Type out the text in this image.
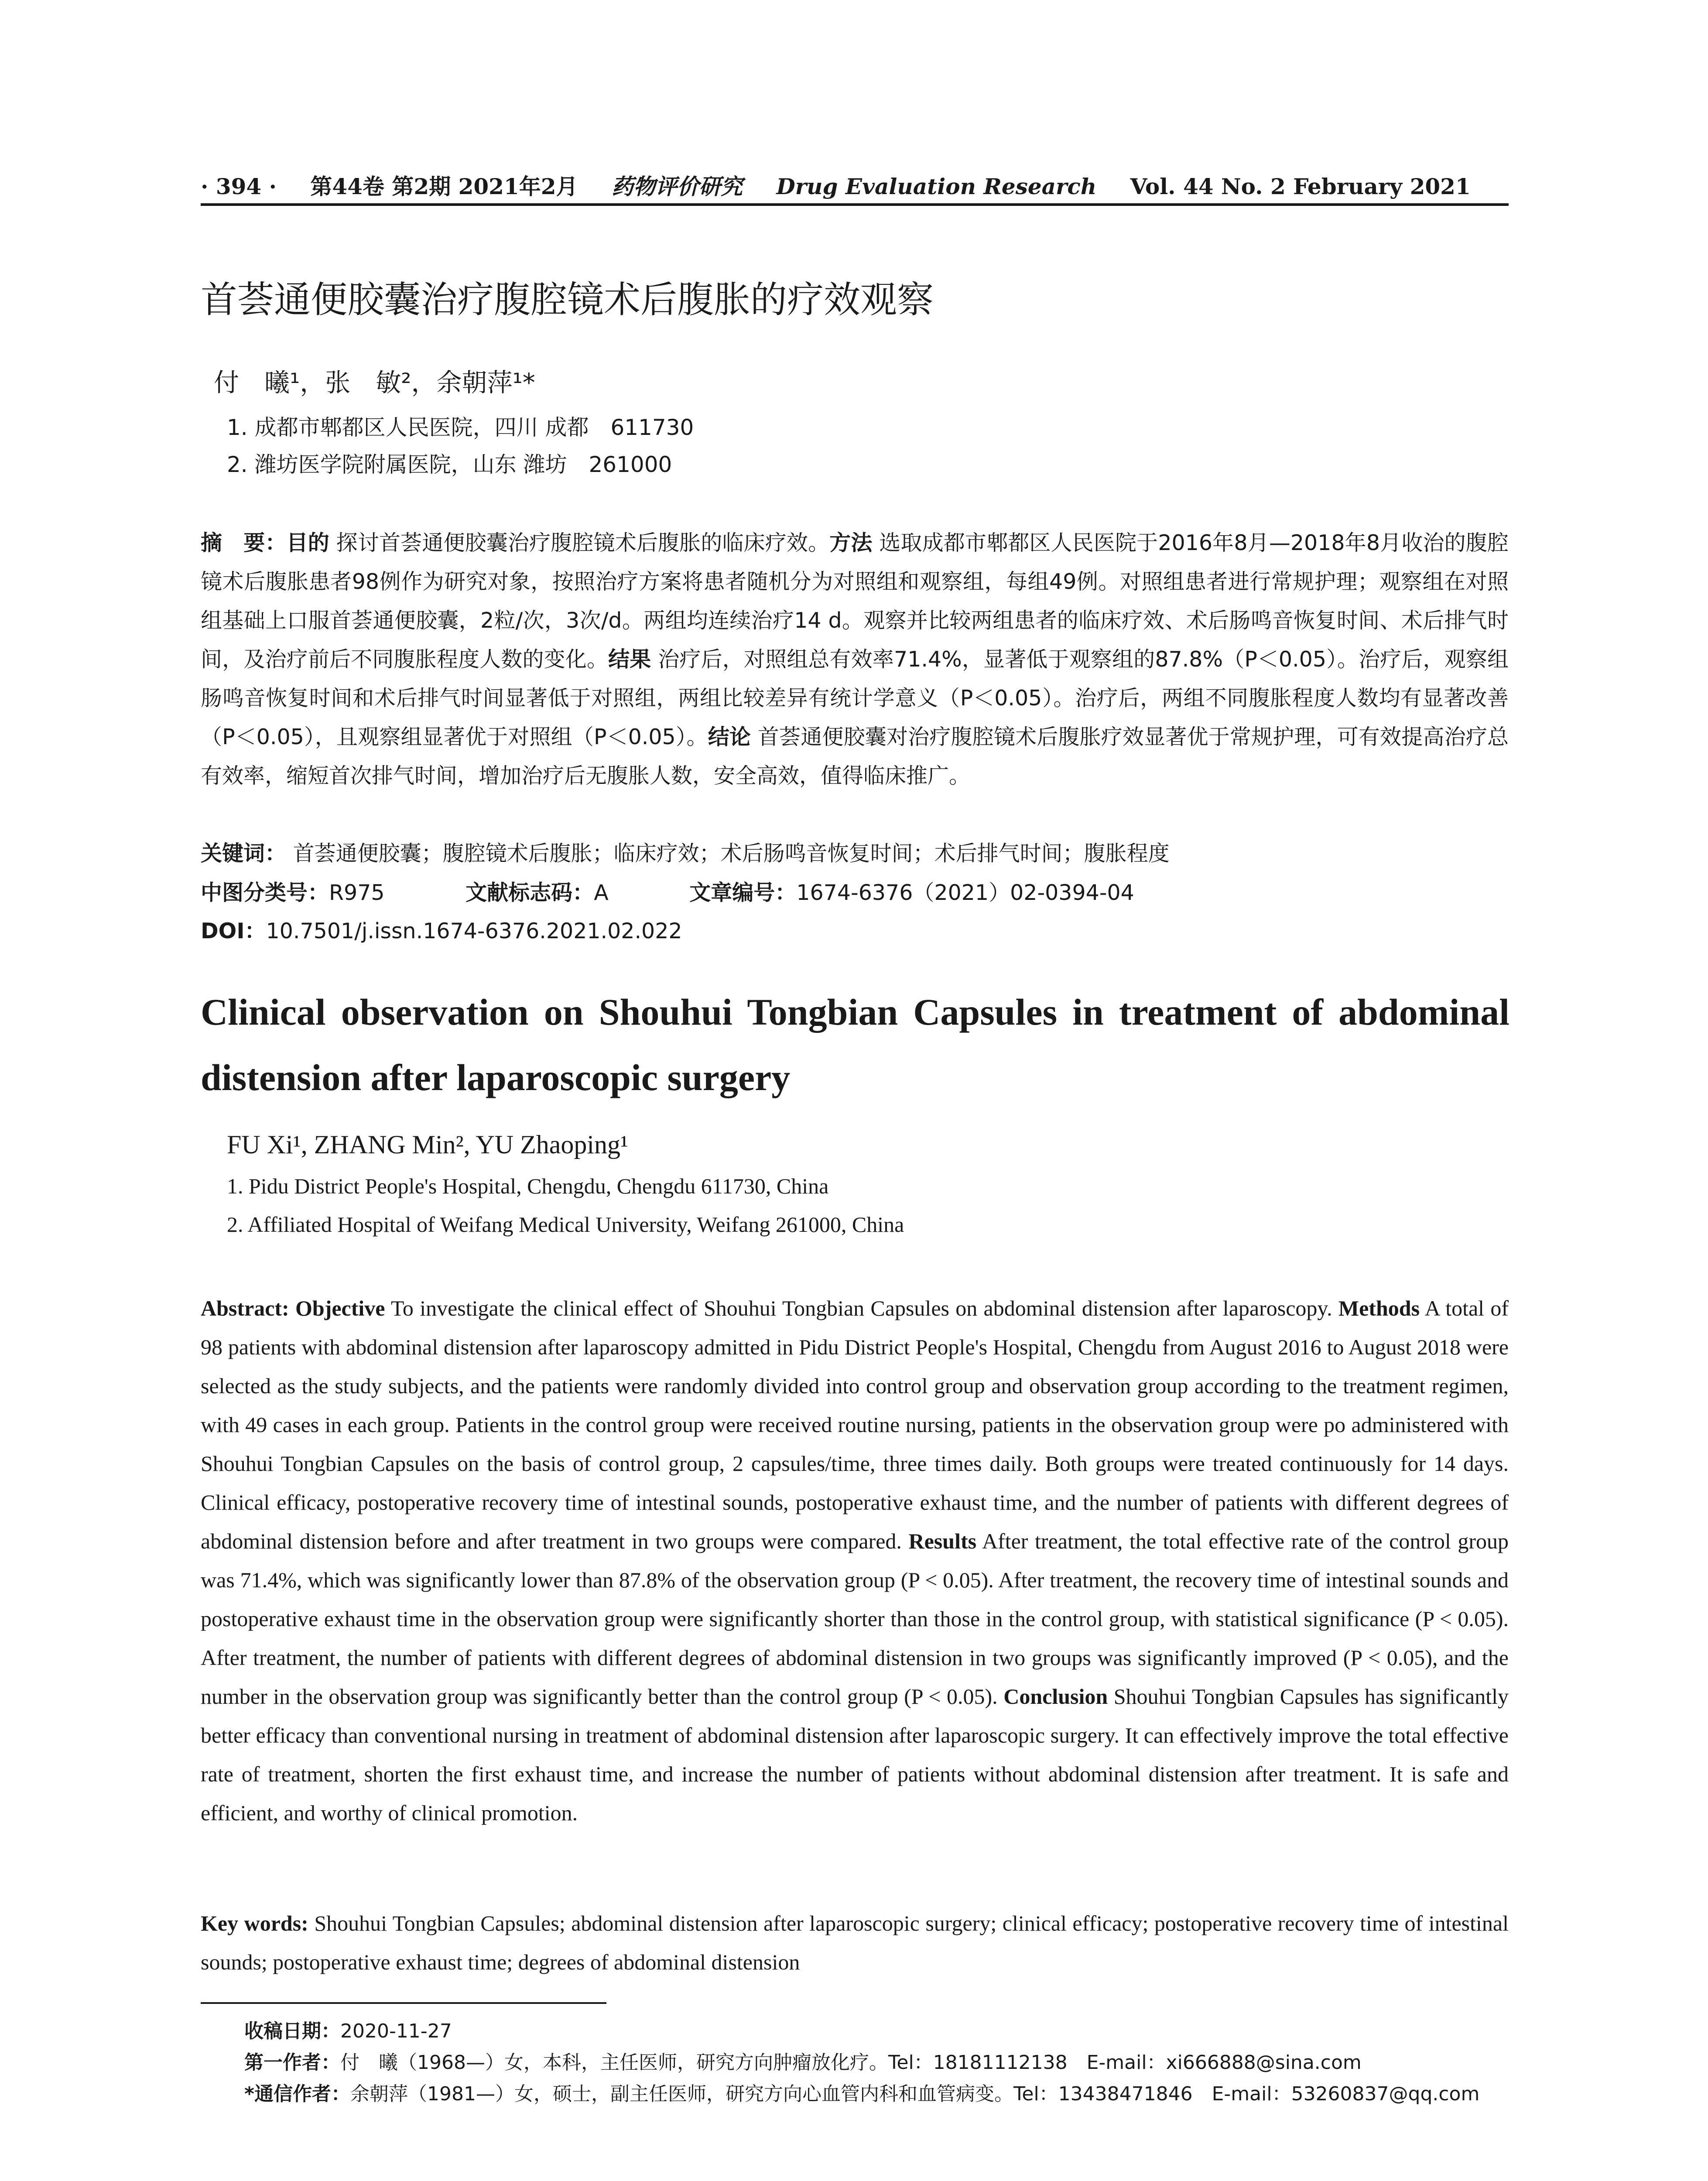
· 394 · 第44卷 第2期 2021年2月 药物评价研究 Drug Evaluation Research Vol. 44 No. 2 February 2021
首荟通便胶囊治疗腹腔镜术后腹胀的疗效观察
付　曦¹，张　敏²，余朝萍¹*
1. 成都市郫都区人民医院，四川 成都　611730
2. 潍坊医学院附属医院，山东 潍坊　261000
摘　要：目的 探讨首荟通便胶囊治疗腹腔镜术后腹胀的临床疗效。方法 选取成都市郫都区人民医院于2016年8月—2018年8月收治的腹腔镜术后腹胀患者98例作为研究对象，按照治疗方案将患者随机分为对照组和观察组，每组49例。对照组患者进行常规护理；观察组在对照组基础上口服首荟通便胶囊，2粒/次，3次/d。两组均连续治疗14 d。观察并比较两组患者的临床疗效、术后肠鸣音恢复时间、术后排气时间，及治疗前后不同腹胀程度人数的变化。结果 治疗后，对照组总有效率71.4%，显著低于观察组的87.8%（P＜0.05）。治疗后，观察组肠鸣音恢复时间和术后排气时间显著低于对照组，两组比较差异有统计学意义（P＜0.05）。治疗后，两组不同腹胀程度人数均有显著改善（P＜0.05），且观察组显著优于对照组（P＜0.05）。结论 首荟通便胶囊对治疗腹腔镜术后腹胀疗效显著优于常规护理，可有效提高治疗总有效率，缩短首次排气时间，增加治疗后无腹胀人数，安全高效，值得临床推广。
关键词： 首荟通便胶囊；腹腔镜术后腹胀；临床疗效；术后肠鸣音恢复时间；术后排气时间；腹胀程度
中图分类号：R975	文献标志码：A	文章编号：1674-6376（2021）02-0394-04
DOI：10.7501/j.issn.1674-6376.2021.02.022
Clinical observation on Shouhui Tongbian Capsules in treatment of abdominal distension after laparoscopic surgery
FU Xi¹, ZHANG Min², YU Zhaoping¹
1. Pidu District People's Hospital, Chengdu, Chengdu 611730, China
2. Affiliated Hospital of Weifang Medical University, Weifang 261000, China
Abstract: Objective To investigate the clinical effect of Shouhui Tongbian Capsules on abdominal distension after laparoscopy. Methods A total of 98 patients with abdominal distension after laparoscopy admitted in Pidu District People's Hospital, Chengdu from August 2016 to August 2018 were selected as the study subjects, and the patients were randomly divided into control group and observation group according to the treatment regimen, with 49 cases in each group. Patients in the control group were received routine nursing, patients in the observation group were po administered with Shouhui Tongbian Capsules on the basis of control group, 2 capsules/time, three times daily. Both groups were treated continuously for 14 days. Clinical efficacy, postoperative recovery time of intestinal sounds, postoperative exhaust time, and the number of patients with different degrees of abdominal distension before and after treatment in two groups were compared. Results After treatment, the total effective rate of the control group was 71.4%, which was significantly lower than 87.8% of the observation group (P < 0.05). After treatment, the recovery time of intestinal sounds and postoperative exhaust time in the observation group were significantly shorter than those in the control group, with statistical significance (P < 0.05). After treatment, the number of patients with different degrees of abdominal distension in two groups was significantly improved (P < 0.05), and the number in the observation group was significantly better than the control group (P < 0.05). Conclusion Shouhui Tongbian Capsules has significantly better efficacy than conventional nursing in treatment of abdominal distension after laparoscopic surgery. It can effectively improve the total effective rate of treatment, shorten the first exhaust time, and increase the number of patients without abdominal distension after treatment. It is safe and efficient, and worthy of clinical promotion.
Key words: Shouhui Tongbian Capsules; abdominal distension after laparoscopic surgery; clinical efficacy; postoperative recovery time of intestinal sounds; postoperative exhaust time; degrees of abdominal distension
收稿日期：2020-11-27
第一作者：付　曦（1968—）女，本科，主任医师，研究方向肿瘤放化疗。Tel：18181112138　E-mail：xi666888@sina.com
*通信作者：余朝萍（1981—）女，硕士，副主任医师，研究方向心血管内科和血管病变。Tel：13438471846　E-mail：53260837@qq.com
